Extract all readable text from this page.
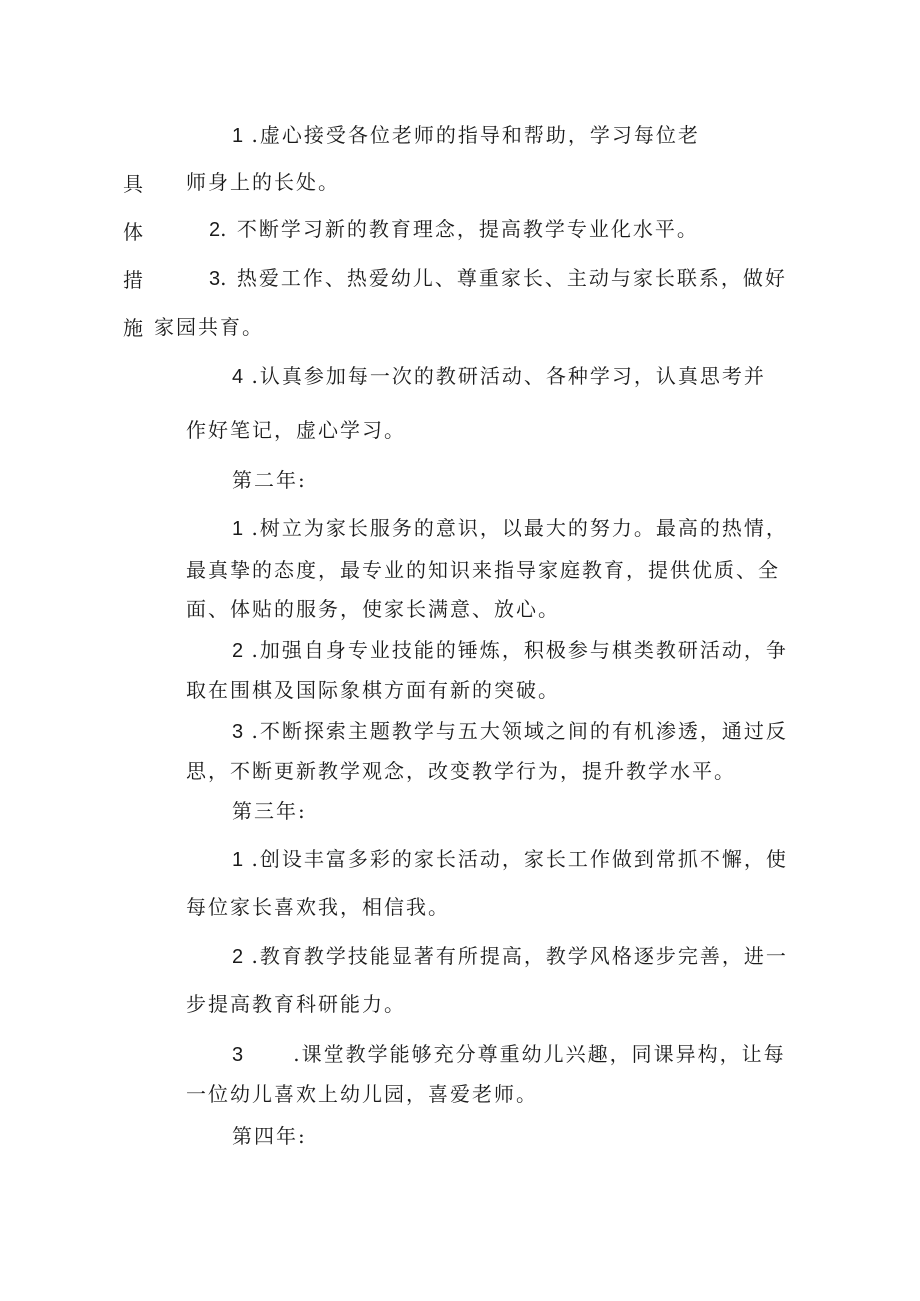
具
体
措
施
1 .虚心接受各位老师的指导和帮助，学习每位老
师身上的长处。
2. 不断学习新的教育理念，提高教学专业化水平。
3. 热爱工作、热爱幼儿、尊重家长、主动与家长联系，做好
家园共育。
4 .认真参加每一次的教研活动、各种学习，认真思考并
作好笔记，虚心学习。
第二年:
1 .树立为家长服务的意识，以最大的努力。最高的热情，
最真挚的态度，最专业的知识来指导家庭教育，提供优质、全
面、体贴的服务，使家长满意、放心。
2 .加强自身专业技能的锤炼，积极参与棋类教研活动，争
取在围棋及国际象棋方面有新的突破。
3 .不断探索主题教学与五大领域之间的有机渗透，通过反
思，不断更新教学观念，改变教学行为，提升教学水平。
第三年:
1 .创设丰富多彩的家长活动，家长工作做到常抓不懈，使
每位家长喜欢我，相信我。
2 .教育教学技能显著有所提高，教学风格逐步完善，进一
步提高教育科研能力。
3	.课堂教学能够充分尊重幼儿兴趣，同课异构，让每
一位幼儿喜欢上幼儿园，喜爱老师。
第四年:
